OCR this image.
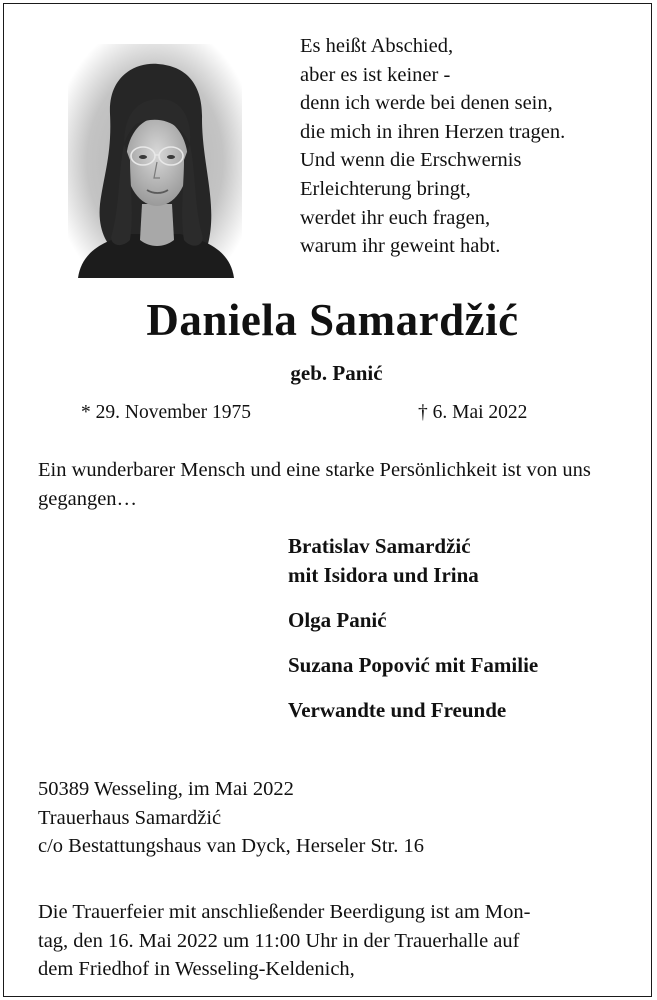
Es heißt Abschied,
aber es ist keiner -
denn ich werde bei denen sein,
die mich in ihren Herzen tragen.
Und wenn die Erschwernis
Erleichterung bringt,
werdet ihr euch fragen,
warum ihr geweint habt.
Daniela Samardžić
geb. Panić
* 29. November 1975	† 6. Mai 2022
Ein wunderbarer Mensch und eine starke Persönlichkeit ist von uns gegangen…
Bratislav Samardžić
mit Isidora und Irina
Olga Panić
Suzana Popović mit Familie
Verwandte und Freunde
50389 Wesseling, im Mai 2022
Trauerhaus Samardžić
c/o Bestattungshaus van Dyck, Herseler Str. 16
Die Trauerfeier mit anschließender Beerdigung ist am Mon-
tag, den 16. Mai 2022 um 11:00 Uhr in der Trauerhalle auf
dem Friedhof in Wesseling-Keldenich,
